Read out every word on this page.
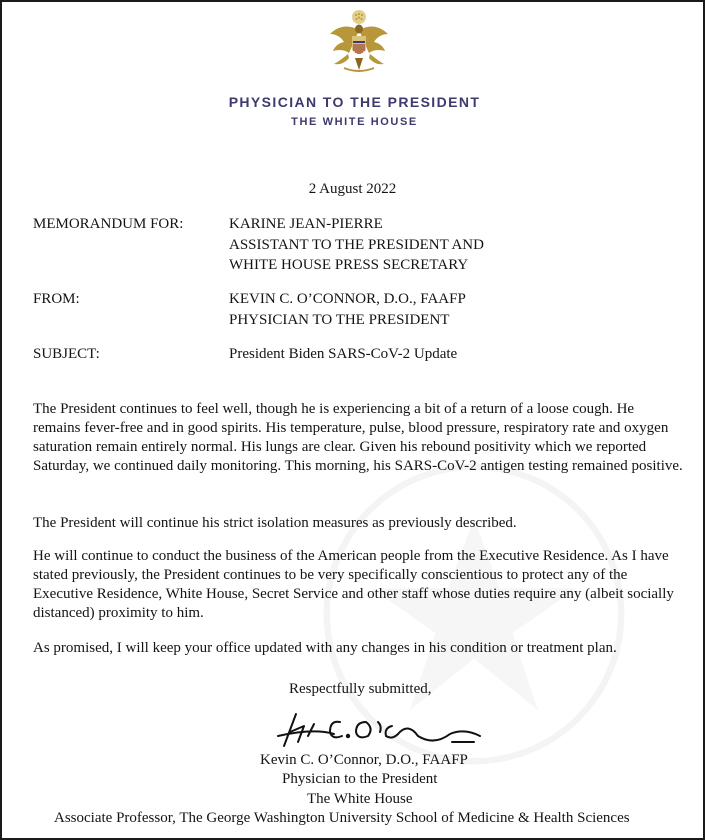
PHYSICIAN TO THE PRESIDENT
THE WHITE HOUSE
2 August 2022
MEMORANDUM FOR:	KARINE JEAN-PIERRE
ASSISTANT TO THE PRESIDENT AND
WHITE HOUSE PRESS SECRETARY
FROM:	KEVIN C. O’CONNOR, D.O., FAAFP
PHYSICIAN TO THE PRESIDENT
SUBJECT:	President Biden SARS-CoV-2 Update
The President continues to feel well, though he is experiencing a bit of a return of a loose cough. He remains fever-free and in good spirits. His temperature, pulse, blood pressure, respiratory rate and oxygen saturation remain entirely normal. His lungs are clear. Given his rebound positivity which we reported Saturday, we continued daily monitoring. This morning, his SARS-CoV-2 antigen testing remained positive.
The President will continue his strict isolation measures as previously described.
He will continue to conduct the business of the American people from the Executive Residence. As I have stated previously, the President continues to be very specifically conscientious to protect any of the Executive Residence, White House, Secret Service and other staff whose duties require any (albeit socially distanced) proximity to him.
As promised, I will keep your office updated with any changes in his condition or treatment plan.
Respectfully submitted,
Kevin C. O’Connor, D.O., FAAFP
Physician to the President
The White House
Associate Professor, The George Washington University School of Medicine & Health Sciences
